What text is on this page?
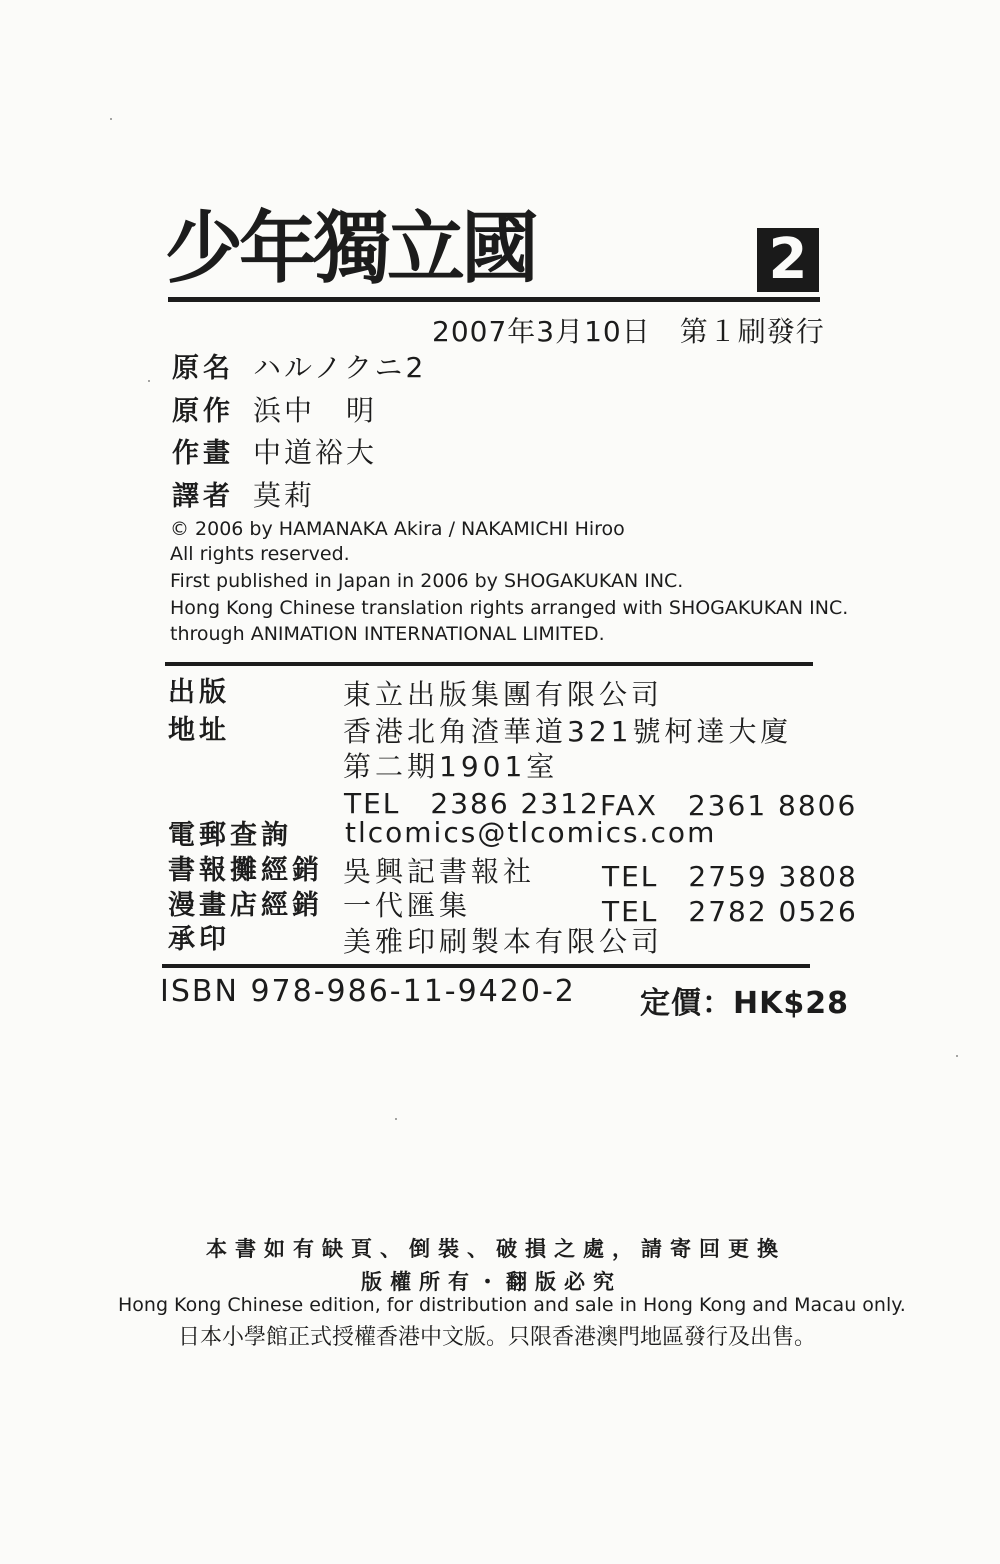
少年獨立國	2
2007年3月10日　第１刷發行
原名 ハルノクニ2
原作 浜中　明
作畫 中道裕大
譯者 莫莉
© 2006 by HAMANAKA Akira / NAKAMICHI Hiroo
All rights reserved.
First published in Japan in 2006 by SHOGAKUKAN INC.
Hong Kong Chinese translation rights arranged with SHOGAKUKAN INC.
through ANIMATION INTERNATIONAL LIMITED.
出版	東立出版集團有限公司
地址	香港北角渣華道321號柯達大廈
第二期1901室
TEL　2386 2312 FAX　2361 8806
電郵查詢 tlcomics@tlcomics.com
書報攤經銷 吳興記書報社 TEL　2759 3808
漫畫店經銷 一代匯集	TEL　2782 0526
承印	美雅印刷製本有限公司
ISBN 978-986-11-9420-2 定價：HK$28
本書如有缺頁、倒裝、破損之處，請寄回更換
版權所有・翻版必究
Hong Kong Chinese edition, for distribution and sale in Hong Kong and Macau only.
日本小學館正式授權香港中文版。只限香港澳門地區發行及出售。
